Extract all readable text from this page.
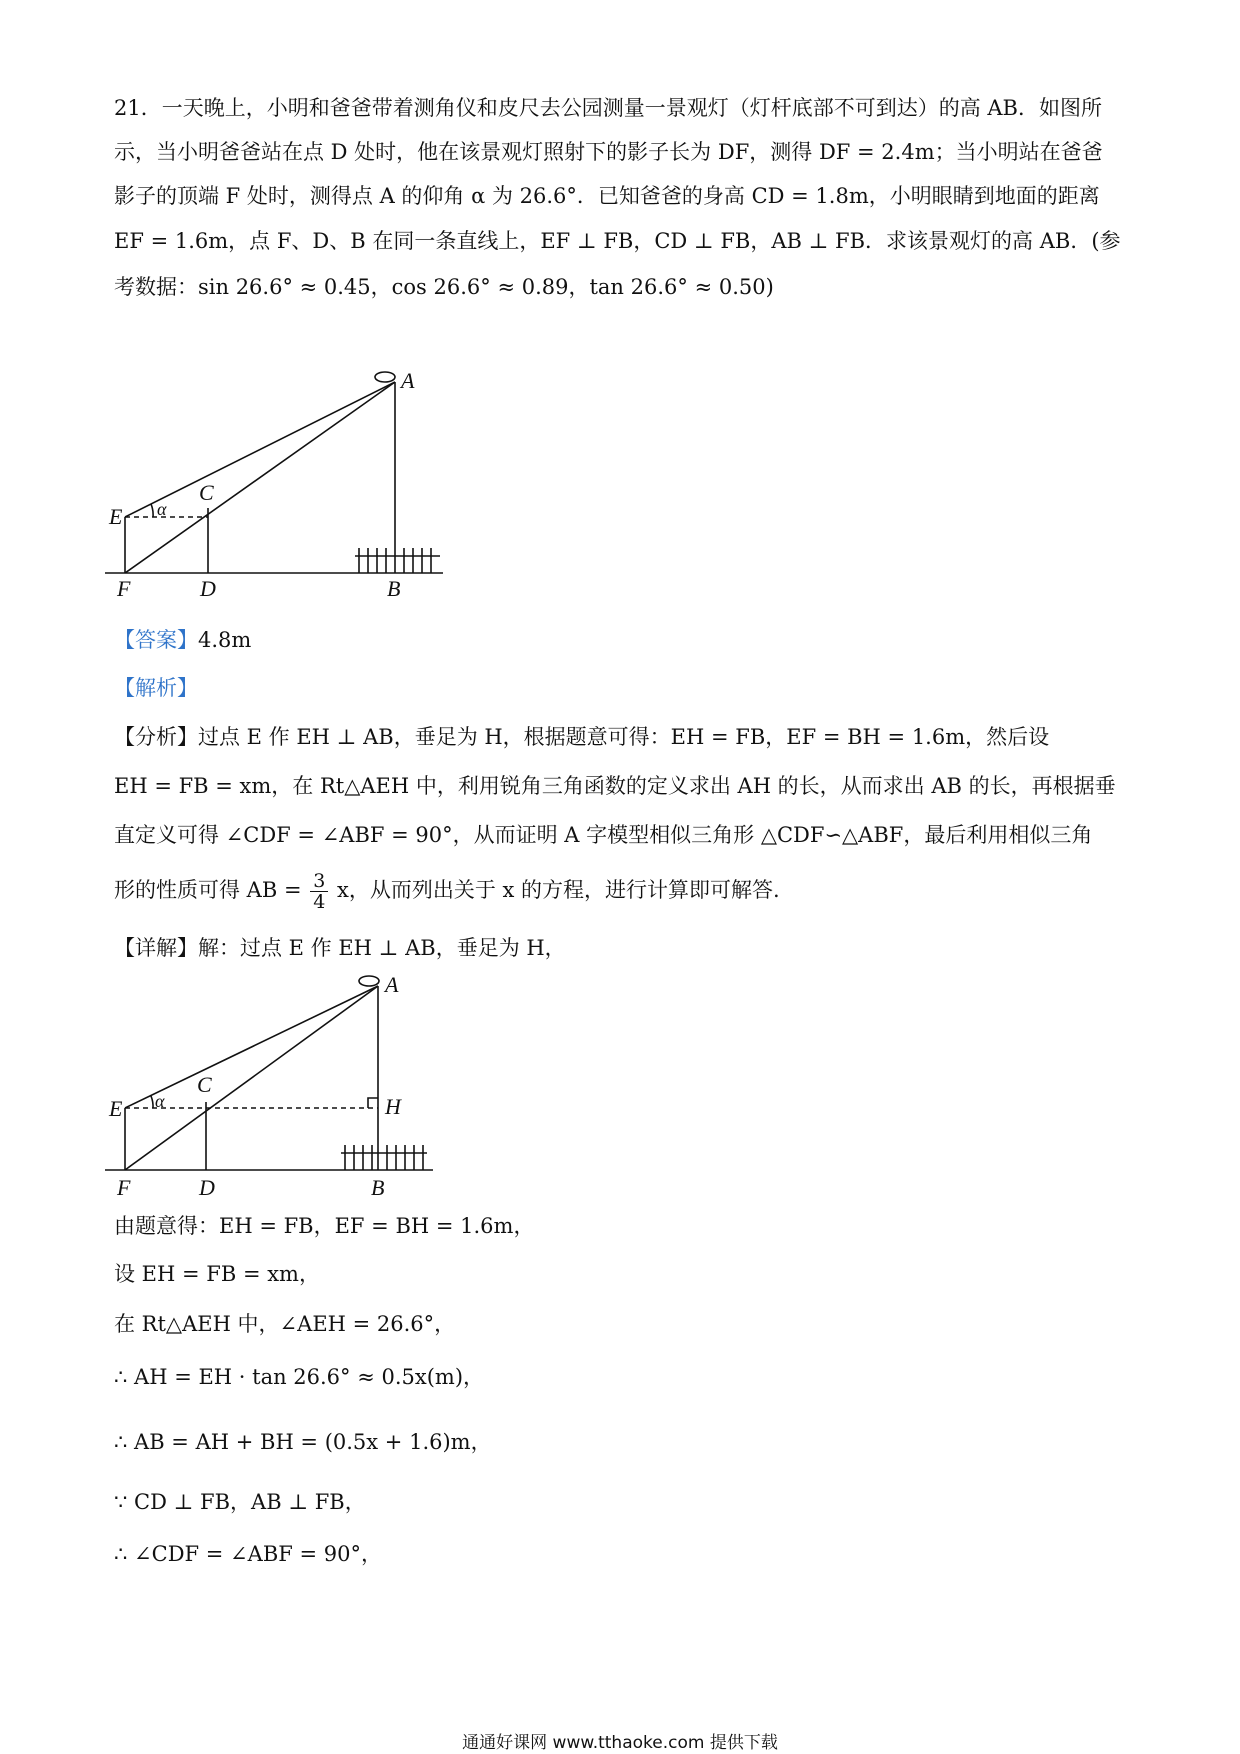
21．一天晚上，小明和爸爸带着测角仪和皮尺去公园测量一景观灯（灯杆底部不可到达）的高 AB．如图所
示，当小明爸爸站在点 D 处时，他在该景观灯照射下的影子长为 DF，测得 DF = 2.4m；当小明站在爸爸
影子的顶端 F 处时，测得点 A 的仰角 α 为 26.6°．已知爸爸的身高 CD = 1.8m，小明眼睛到地面的距离
EF = 1.6m，点 F、D、B 在同一条直线上，EF ⊥ FB，CD ⊥ FB，AB ⊥ FB．求该景观灯的高 AB．(参
考数据：sin 26.6° ≈ 0.45，cos 26.6° ≈ 0.89，tan 26.6° ≈ 0.50)
A
E
C
α
F	D	B
【答案】4.8m
【解析】
【分析】过点 E 作 EH ⊥ AB，垂足为 H，根据题意可得：EH = FB，EF = BH = 1.6m，然后设
EH = FB = xm，在 Rt△AEH 中，利用锐角三角函数的定义求出 AH 的长，从而求出 AB 的长，再根据垂
直定义可得 ∠CDF = ∠ABF = 90°，从而证明 A 字模型相似三角形 △CDF∽△ABF，最后利用相似三角
形的性质可得 AB = $\frac{3}{4}$ x，从而列出关于 x 的方程，进行计算即可解答.
【详解】解：过点 E 作 EH ⊥ AB，垂足为 H，
A
E
C
α	H
F	D	B
由题意得：EH = FB，EF = BH = 1.6m，
设 EH = FB = xm，
在 Rt△AEH 中，∠AEH = 26.6°，
∴ AH = EH · tan 26.6° ≈ 0.5x(m)，
∴ AB = AH + BH = (0.5x + 1.6)m，
∵ CD ⊥ FB，AB ⊥ FB，
∴ ∠CDF = ∠ABF = 90°，
通通好课网 www.tthaoke.com 提供下载
